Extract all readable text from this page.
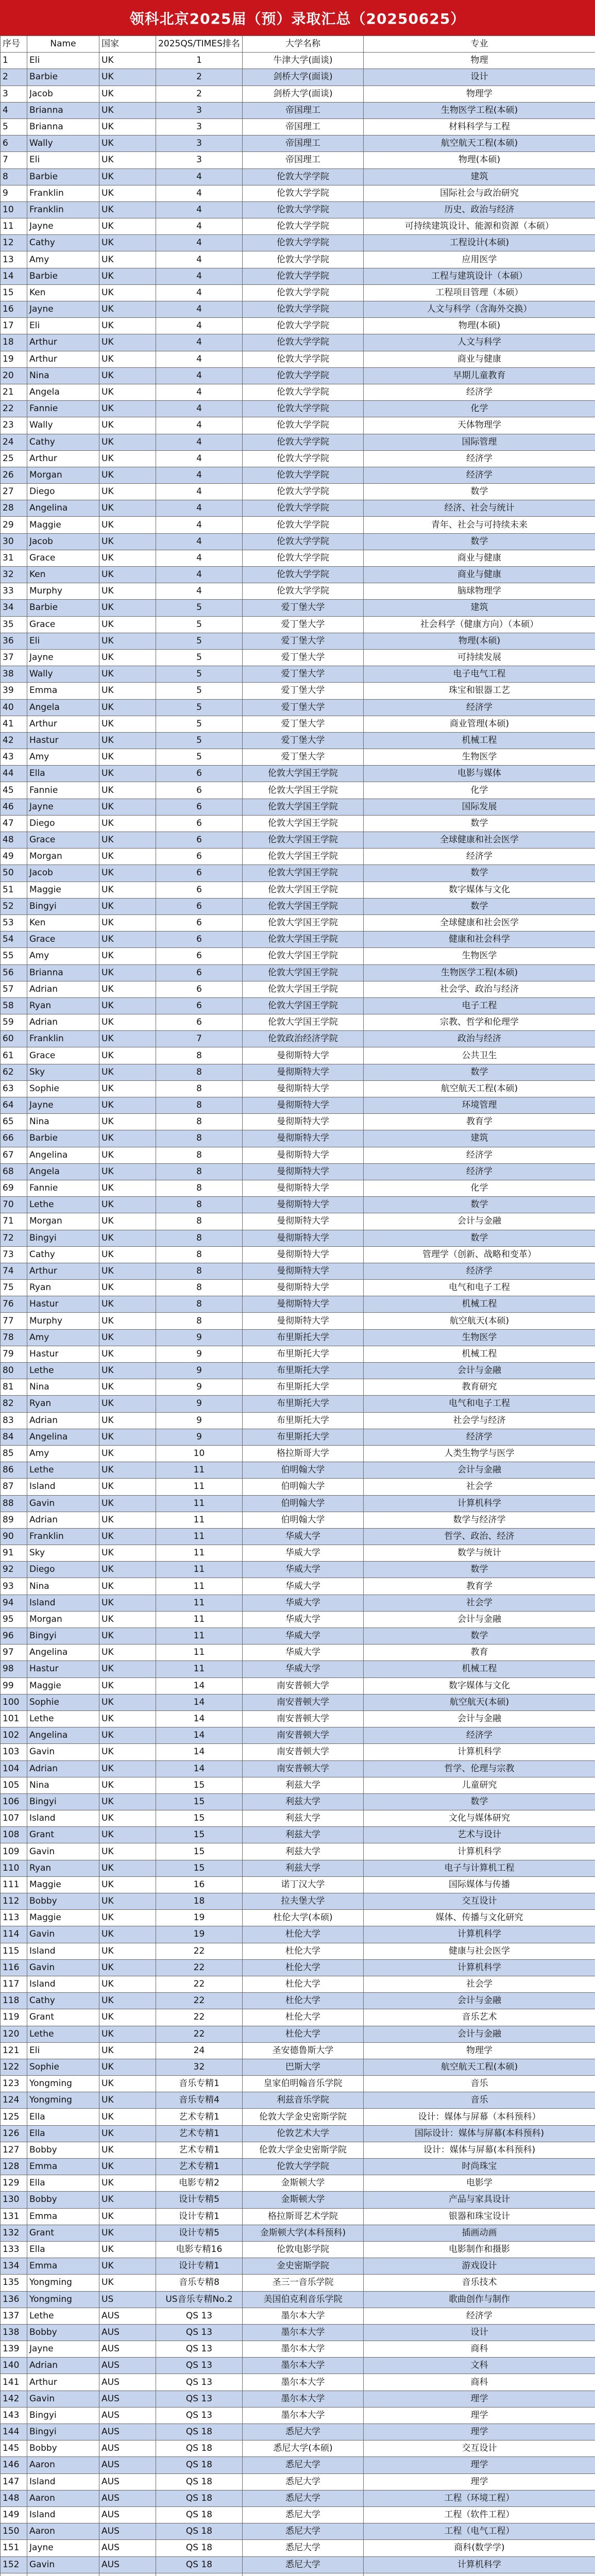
领科北京2025届（预）录取汇总（20250625）
序号	Name	国家	2025QS/TIMES排名	大学名称	专业
1	Eli	UK	1	牛津大学(面谈)	物理
2	Barbie	UK	2	剑桥大学(面谈)	设计
3	Jacob	UK	2	剑桥大学(面谈)	物理学
4	Brianna	UK	3	帝国理工	生物医学工程(本硕)
5	Brianna	UK	3	帝国理工	材料科学与工程
6	Wally	UK	3	帝国理工	航空航天工程(本硕)
7	Eli	UK	3	帝国理工	物理(本硕)
8	Barbie	UK	4	伦敦大学学院	建筑
9	Franklin	UK	4	伦敦大学学院	国际社会与政治研究
10	Franklin	UK	4	伦敦大学学院	历史、政治与经济
11	Jayne	UK	4	伦敦大学学院	可持续建筑设计、能源和资源（本硕）
12	Cathy	UK	4	伦敦大学学院	工程设计(本硕)
13	Amy	UK	4	伦敦大学学院	应用医学
14	Barbie	UK	4	伦敦大学学院	工程与建筑设计（本硕）
15	Ken	UK	4	伦敦大学学院	工程项目管理（本硕）
16	Jayne	UK	4	伦敦大学学院	人文与科学（含海外交换）
17	Eli	UK	4	伦敦大学学院	物理(本硕)
18	Arthur	UK	4	伦敦大学学院	人文与科学
19	Arthur	UK	4	伦敦大学学院	商业与健康
20	Nina	UK	4	伦敦大学学院	早期儿童教育
21	Angela	UK	4	伦敦大学学院	经济学
22	Fannie	UK	4	伦敦大学学院	化学
23	Wally	UK	4	伦敦大学学院	天体物理学
24	Cathy	UK	4	伦敦大学学院	国际管理
25	Arthur	UK	4	伦敦大学学院	经济学
26	Morgan	UK	4	伦敦大学学院	经济学
27	Diego	UK	4	伦敦大学学院	数学
28	Angelina	UK	4	伦敦大学学院	经济、社会与统计
29	Maggie	UK	4	伦敦大学学院	青年、社会与可持续未来
30	Jacob	UK	4	伦敦大学学院	数学
31	Grace	UK	4	伦敦大学学院	商业与健康
32	Ken	UK	4	伦敦大学学院	商业与健康
33	Murphy	UK	4	伦敦大学学院	脑球物理学
34	Barbie	UK	5	爱丁堡大学	建筑
35	Grace	UK	5	爱丁堡大学	社会科学（健康方向）（本硕）
36	Eli	UK	5	爱丁堡大学	物理(本硕)
37	Jayne	UK	5	爱丁堡大学	可持续发展
38	Wally	UK	5	爱丁堡大学	电子电气工程
39	Emma	UK	5	爱丁堡大学	珠宝和银器工艺
40	Angela	UK	5	爱丁堡大学	经济学
41	Arthur	UK	5	爱丁堡大学	商业管理(本硕)
42	Hastur	UK	5	爱丁堡大学	机械工程
43	Amy	UK	5	爱丁堡大学	生物医学
44	Ella	UK	6	伦敦大学国王学院	电影与媒体
45	Fannie	UK	6	伦敦大学国王学院	化学
46	Jayne	UK	6	伦敦大学国王学院	国际发展
47	Diego	UK	6	伦敦大学国王学院	数学
48	Grace	UK	6	伦敦大学国王学院	全球健康和社会医学
49	Morgan	UK	6	伦敦大学国王学院	经济学
50	Jacob	UK	6	伦敦大学国王学院	数学
51	Maggie	UK	6	伦敦大学国王学院	数字媒体与文化
52	Bingyi	UK	6	伦敦大学国王学院	数学
53	Ken	UK	6	伦敦大学国王学院	全球健康和社会医学
54	Grace	UK	6	伦敦大学国王学院	健康和社会科学
55	Amy	UK	6	伦敦大学国王学院	生物医学
56	Brianna	UK	6	伦敦大学国王学院	生物医学工程(本硕)
57	Adrian	UK	6	伦敦大学国王学院	社会学、政治与经济
58	Ryan	UK	6	伦敦大学国王学院	电子工程
59	Adrian	UK	6	伦敦大学国王学院	宗教、哲学和伦理学
60	Franklin	UK	7	伦敦政治经济学院	政治与经济
61	Grace	UK	8	曼彻斯特大学	公共卫生
62	Sky	UK	8	曼彻斯特大学	数学
63	Sophie	UK	8	曼彻斯特大学	航空航天工程(本硕)
64	Jayne	UK	8	曼彻斯特大学	环境管理
65	Nina	UK	8	曼彻斯特大学	教育学
66	Barbie	UK	8	曼彻斯特大学	建筑
67	Angelina	UK	8	曼彻斯特大学	经济学
68	Angela	UK	8	曼彻斯特大学	经济学
69	Fannie	UK	8	曼彻斯特大学	化学
70	Lethe	UK	8	曼彻斯特大学	数学
71	Morgan	UK	8	曼彻斯特大学	会计与金融
72	Bingyi	UK	8	曼彻斯特大学	数学
73	Cathy	UK	8	曼彻斯特大学	管理学（创新、战略和变革）
74	Arthur	UK	8	曼彻斯特大学	经济学
75	Ryan	UK	8	曼彻斯特大学	电气和电子工程
76	Hastur	UK	8	曼彻斯特大学	机械工程
77	Murphy	UK	8	曼彻斯特大学	航空航天(本硕)
78	Amy	UK	9	布里斯托大学	生物医学
79	Hastur	UK	9	布里斯托大学	机械工程
80	Lethe	UK	9	布里斯托大学	会计与金融
81	Nina	UK	9	布里斯托大学	教育研究
82	Ryan	UK	9	布里斯托大学	电气和电子工程
83	Adrian	UK	9	布里斯托大学	社会学与经济
84	Angelina	UK	9	布里斯托大学	经济学
85	Amy	UK	10	格拉斯哥大学	人类生物学与医学
86	Lethe	UK	11	伯明翰大学	会计与金融
87	Island	UK	11	伯明翰大学	社会学
88	Gavin	UK	11	伯明翰大学	计算机科学
89	Adrian	UK	11	伯明翰大学	数学与经济学
90	Franklin	UK	11	华威大学	哲学、政治、经济
91	Sky	UK	11	华威大学	数学与统计
92	Diego	UK	11	华威大学	数学
93	Nina	UK	11	华威大学	教育学
94	Island	UK	11	华威大学	社会学
95	Morgan	UK	11	华威大学	会计与金融
96	Bingyi	UK	11	华威大学	数学
97	Angelina	UK	11	华威大学	教育
98	Hastur	UK	11	华威大学	机械工程
99	Maggie	UK	14	南安普顿大学	数字媒体与文化
100	Sophie	UK	14	南安普顿大学	航空航天(本硕)
101	Lethe	UK	14	南安普顿大学	会计与金融
102	Angelina	UK	14	南安普顿大学	经济学
103	Gavin	UK	14	南安普顿大学	计算机科学
104	Adrian	UK	14	南安普顿大学	哲学、伦理与宗教
105	Nina	UK	15	利兹大学	儿童研究
106	Bingyi	UK	15	利兹大学	数学
107	Island	UK	15	利兹大学	文化与媒体研究
108	Grant	UK	15	利兹大学	艺术与设计
109	Gavin	UK	15	利兹大学	计算机科学
110	Ryan	UK	15	利兹大学	电子与计算机工程
111	Maggie	UK	16	诺丁汉大学	国际媒体与传播
112	Bobby	UK	18	拉夫堡大学	交互设计
113	Maggie	UK	19	杜伦大学(本硕)	媒体、传播与文化研究
114	Gavin	UK	19	杜伦大学	计算机科学
115	Island	UK	22	杜伦大学	健康与社会医学
116	Gavin	UK	22	杜伦大学	计算机科学
117	Island	UK	22	杜伦大学	社会学
118	Cathy	UK	22	杜伦大学	会计与金融
119	Grant	UK	22	杜伦大学	音乐艺术
120	Lethe	UK	22	杜伦大学	会计与金融
121	Eli	UK	24	圣安德鲁斯大学	物理学
122	Sophie	UK	32	巴斯大学	航空航天工程(本硕)
123	Yongming	UK	音乐专精1	皇家伯明翰音乐学院	音乐
124	Yongming	UK	音乐专精4	利兹音乐学院	音乐
125	Ella	UK	艺术专精1	伦敦大学金史密斯学院	设计：媒体与屏幕（本科预科）
126	Ella	UK	艺术专精1	伦敦艺术大学	国际设计：媒体与屏幕(本科预科)
127	Bobby	UK	艺术专精1	伦敦大学金史密斯学院	设计：媒体与屏幕(本科预科)
128	Emma	UK	艺术专精1	伦敦大学学院	时尚珠宝
129	Ella	UK	电影专精2	金斯顿大学	电影学
130	Bobby	UK	设计专精5	金斯顿大学	产品与家具设计
131	Emma	UK	设计专精1	格拉斯哥艺术学院	银器和珠宝设计
132	Grant	UK	设计专精5	金斯顿大学(本科预科)	插画动画
133	Ella	UK	电影专精16	伦敦电影学院	电影制作和摄影
134	Emma	UK	设计专精1	金史密斯学院	游戏设计
135	Yongming	UK	音乐专精8	圣三一音乐学院	音乐技术
136	Yongming	US	US音乐专精No.2	美国伯克利音乐学院	歌曲创作与制作
137	Lethe	AUS	QS 13	墨尔本大学	经济学
138	Bobby	AUS	QS 13	墨尔本大学	设计
139	Jayne	AUS	QS 13	墨尔本大学	商科
140	Adrian	AUS	QS 13	墨尔本大学	文科
141	Arthur	AUS	QS 13	墨尔本大学	商科
142	Gavin	AUS	QS 13	墨尔本大学	理学
143	Bingyi	AUS	QS 13	墨尔本大学	理学
144	Bingyi	AUS	QS 18	悉尼大学	理学
145	Bobby	AUS	QS 18	悉尼大学(本硕)	交互设计
146	Aaron	AUS	QS 18	悉尼大学	理学
147	Island	AUS	QS 18	悉尼大学	理学
148	Aaron	AUS	QS 18	悉尼大学	工程（环境工程）
149	Island	AUS	QS 18	悉尼大学	工程（软件工程）
150	Aaron	AUS	QS 18	悉尼大学	工程（电气工程）
151	Jayne	AUS	QS 18	悉尼大学	商科(数学学)
152	Gavin	AUS	QS 18	悉尼大学	计算机科学
